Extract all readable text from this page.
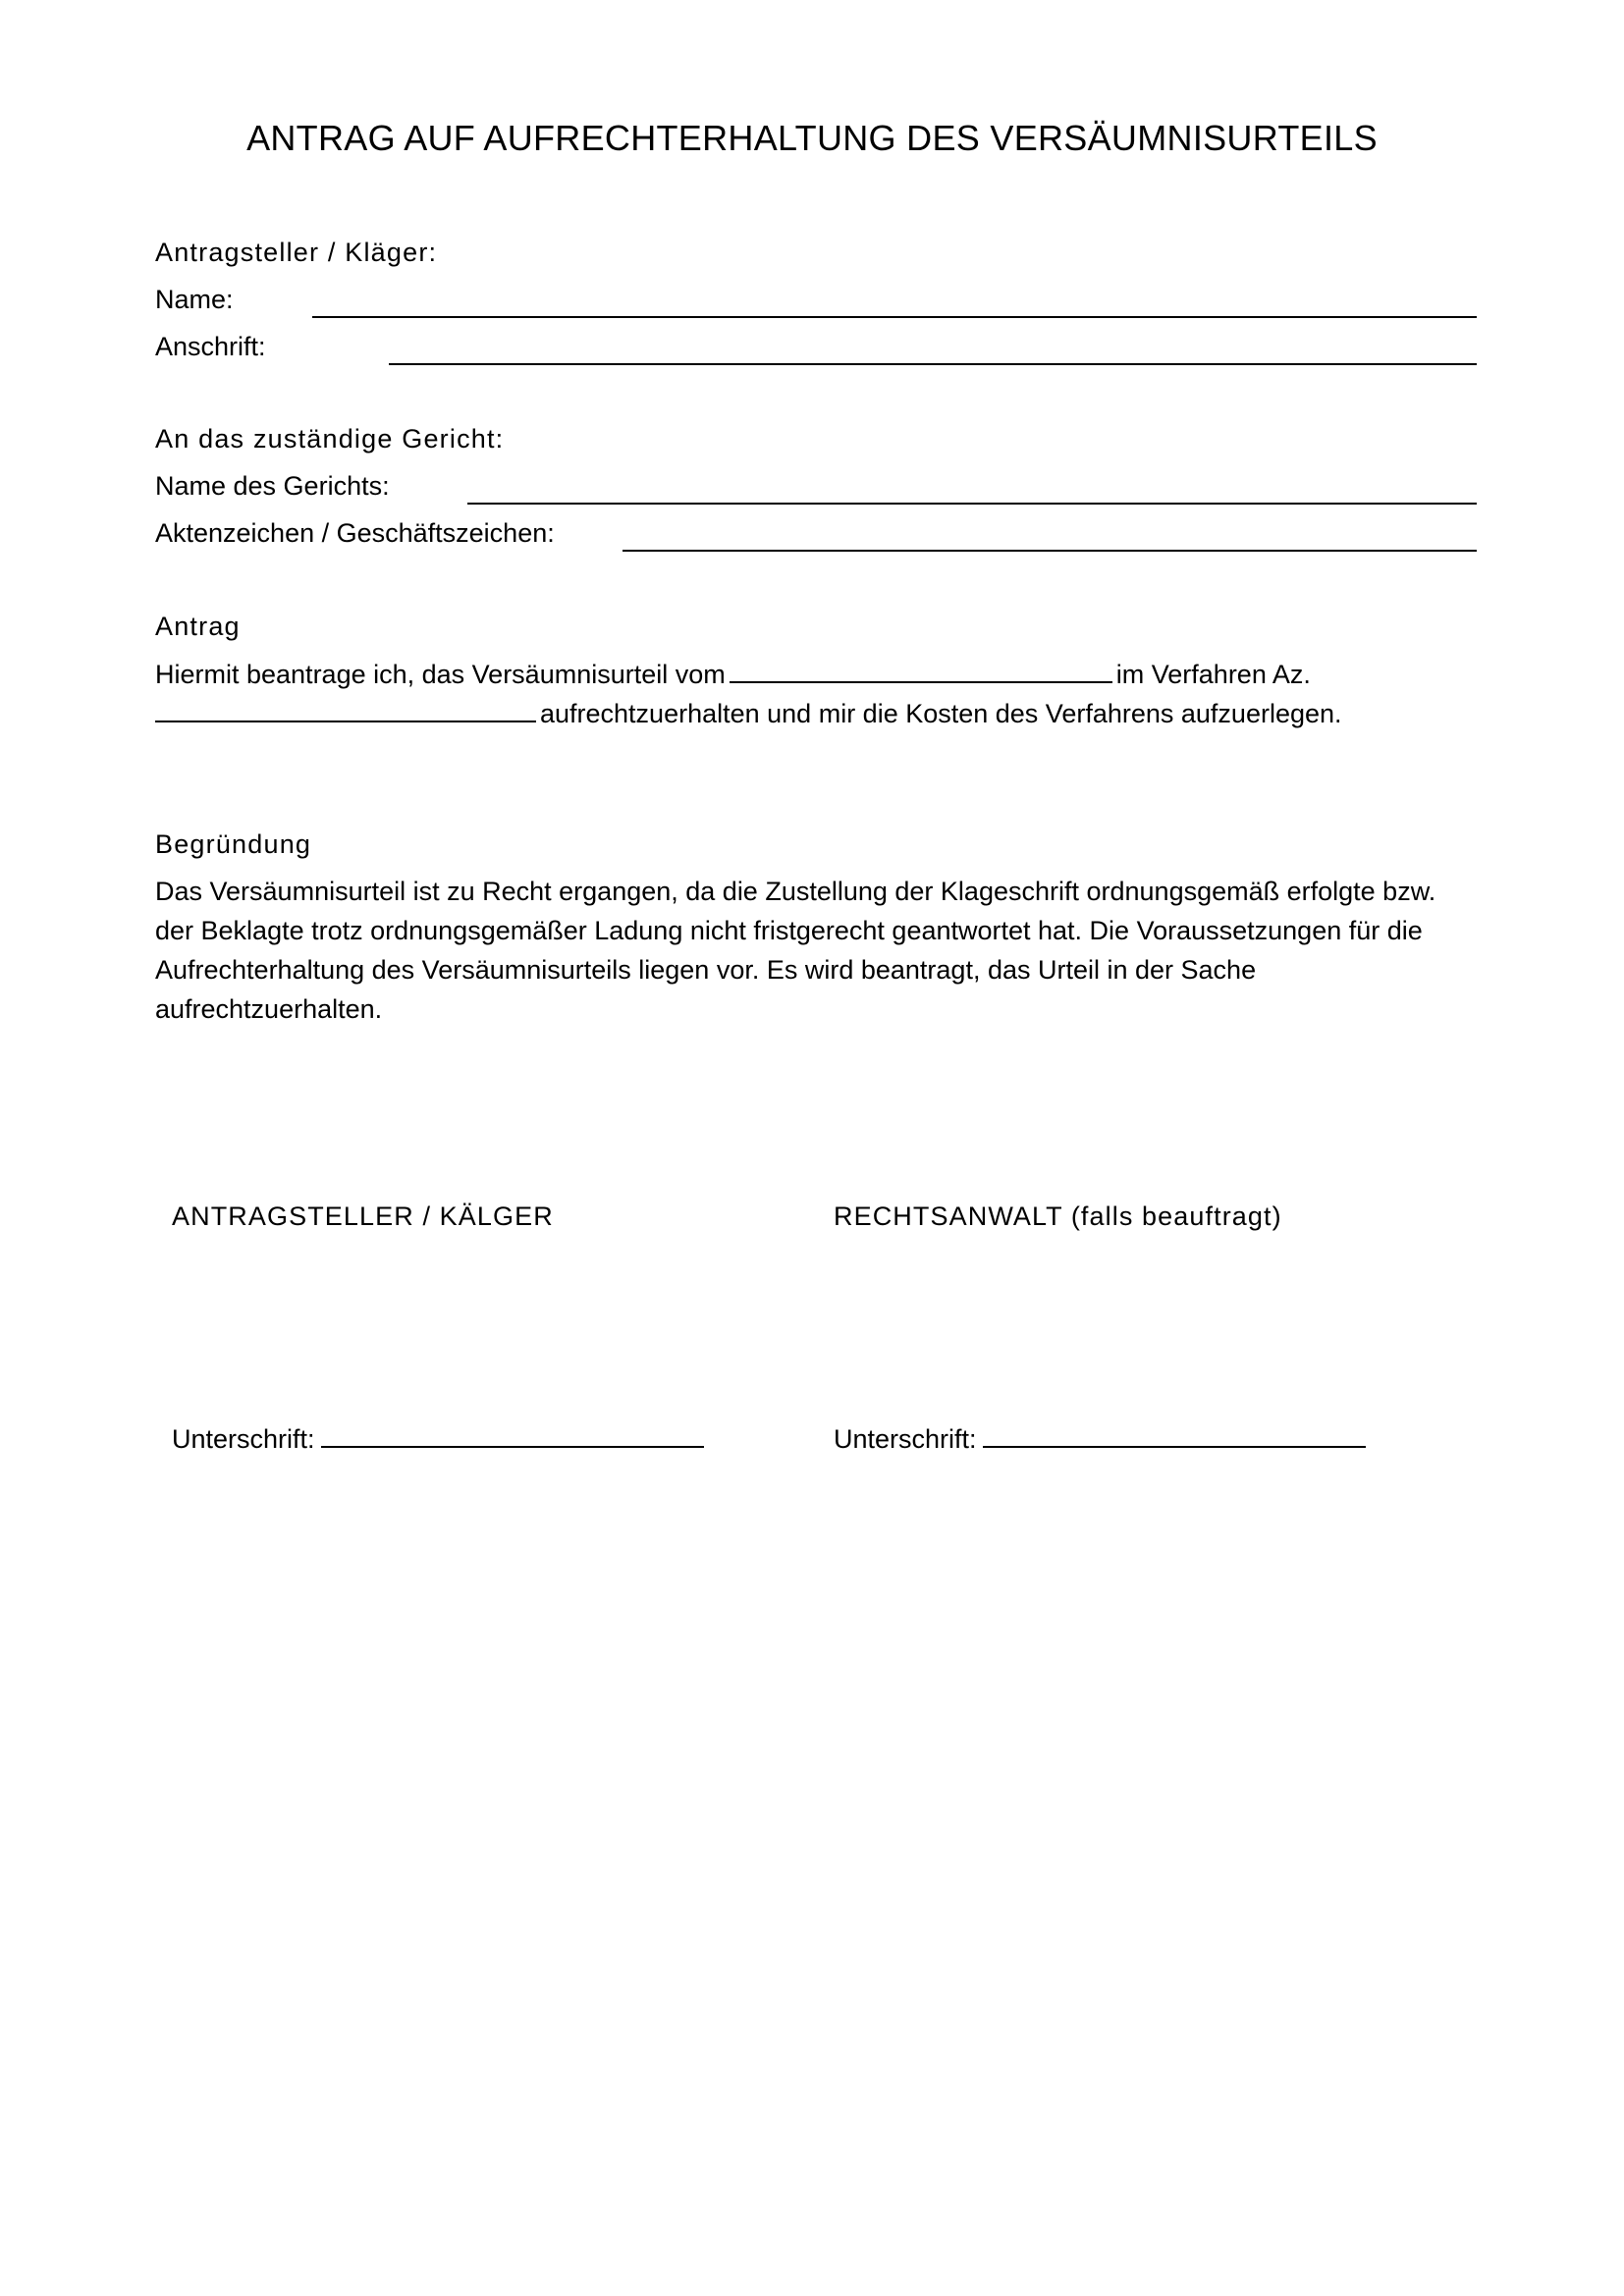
ANTRAG AUF AUFRECHTERHALTUNG DES VERSÄUMNISURTEILS

Antragsteller / Kläger:

Name:
Anschrift:

An das zuständige Gericht:

Name des Gerichts:
Aktenzeichen / Geschäftszeichen:

Antrag

Hiermit beantrage ich, das Versäumnisurteil vom	im Verfahren Az.
aufrechtzuerhalten und mir die Kosten des Verfahrens aufzuerlegen.

Begründung

Das Versäumnisurteil ist zu Recht ergangen, da die Zustellung der Klageschrift ordnungsgemäß erfolgte bzw. der Beklagte trotz ordnungsgemäßer Ladung nicht fristgerecht geantwortet hat. Die Voraussetzungen für die Aufrechterhaltung des Versäumnisurteils liegen vor. Es wird beantragt, das Urteil in der Sache aufrechtzuerhalten.

ANTRAGSTELLER / KÄLGER
Unterschrift:
RECHTSANWALT (falls beauftragt)
Unterschrift:
